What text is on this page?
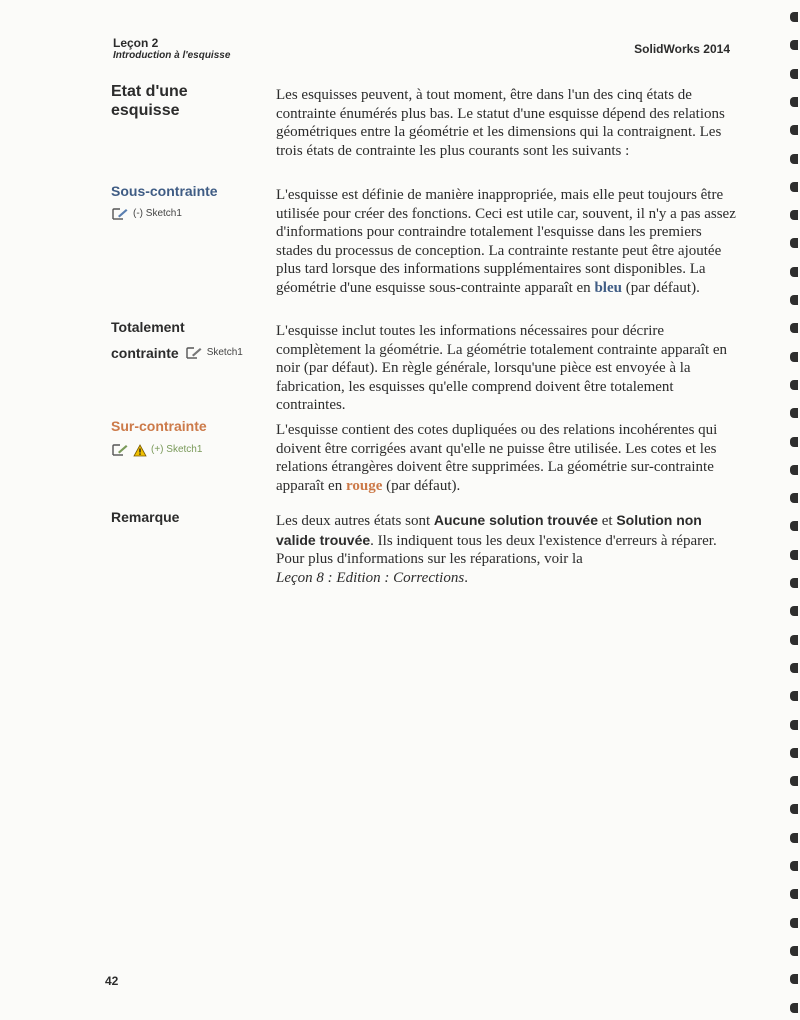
Leçon 2
Introduction à l'esquisse	SolidWorks 2014
Etat d'une
esquisse
Les esquisses peuvent, à tout moment, être dans l'un des cinq états de contrainte énumérés plus bas. Le statut d'une esquisse dépend des relations géométriques entre la géométrie et les dimensions qui la contraignent. Les trois états de contrainte les plus courants sont les suivants :
Sous-contrainte
(-) Sketch1
L'esquisse est définie de manière inappropriée, mais elle peut toujours être utilisée pour créer des fonctions. Ceci est utile car, souvent, il n'y a pas assez d'informations pour contraindre totalement l'esquisse dans les premiers stades du processus de conception. La contrainte restante peut être ajoutée plus tard lorsque des informations supplémentaires sont disponibles. La géométrie d'une esquisse sous-contrainte apparaît en bleu (par défaut).
Totalement
contrainte	Sketch1
L'esquisse inclut toutes les informations nécessaires pour décrire complètement la géométrie. La géométrie totalement contrainte apparaît en noir (par défaut). En règle générale, lorsqu'une pièce est envoyée à la fabrication, les esquisses qu'elle comprend doivent être totalement contraintes.
Sur-contrainte
(+) Sketch1
L'esquisse contient des cotes dupliquées ou des relations incohérentes qui doivent être corrigées avant qu'elle ne puisse être utilisée. Les cotes et les relations étrangères doivent être supprimées. La géométrie sur-contrainte apparaît en rouge (par défaut).
Remarque	Les deux autres états sont Aucune solution trouvée et Solution non valide trouvée. Ils indiquent tous les deux l'existence d'erreurs à réparer. Pour plus d'informations sur les réparations, voir la
Leçon 8 : Edition : Corrections.
42
